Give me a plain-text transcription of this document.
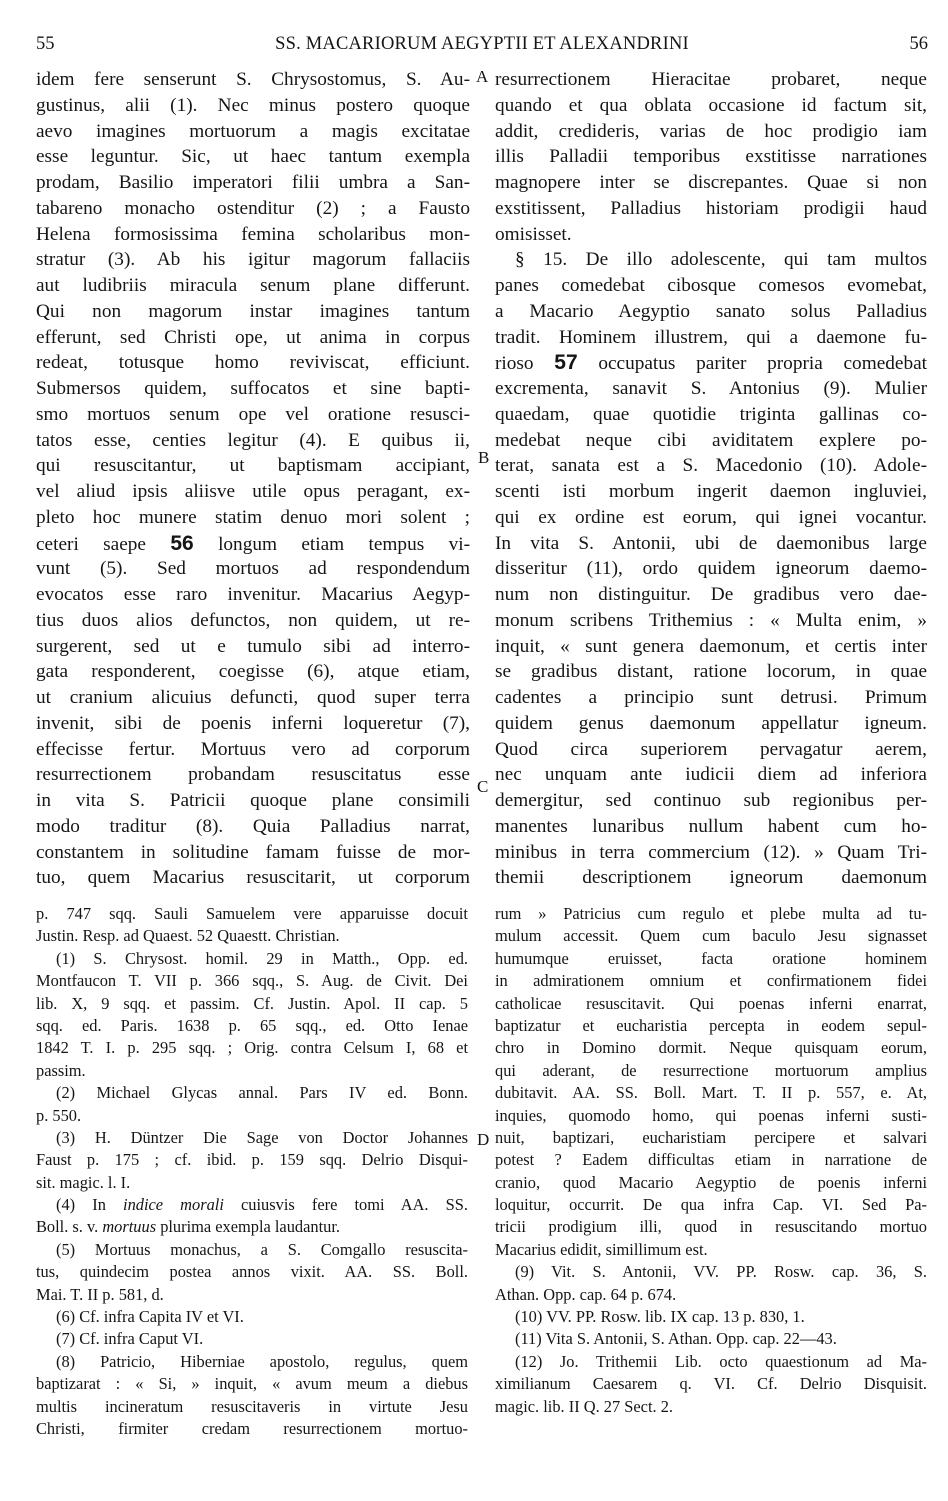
55	SS. MACARIORUM AEGYPTII ET ALEXANDRINI	56
A
B
C
D
idem fere senserunt S. Chrysostomus, S. Au-
gustinus, alii (1). Nec minus postero quoque
aevo imagines mortuorum a magis excitatae
esse leguntur. Sic, ut haec tantum exempla
prodam, Basilio imperatori filii umbra a San-
tabareno monacho ostenditur (2) ; a Fausto
Helena formosissima femina scholaribus mon-
stratur (3). Ab his igitur magorum fallaciis
aut ludibriis miracula senum plane differunt.
Qui non magorum instar imagines tantum
efferunt, sed Christi ope, ut anima in corpus
redeat, totusque homo reviviscat, efficiunt.
Submersos quidem, suffocatos et sine bapti-
smo mortuos senum ope vel oratione resusci-
tatos esse, centies legitur (4). E quibus ii,
qui resuscitantur, ut baptismam accipiant,
vel aliud ipsis aliisve utile opus peragant, ex-
pleto hoc munere statim denuo mori solent ;
ceteri saepe 56 longum etiam tempus vi-
vunt (5). Sed mortuos ad respondendum
evocatos esse raro invenitur. Macarius Aegyp-
tius duos alios defunctos, non quidem, ut re-
surgerent, sed ut e tumulo sibi ad interro-
gata responderent, coegisse (6), atque etiam,
ut cranium alicuius defuncti, quod super terra
invenit, sibi de poenis inferni loqueretur (7),
effecisse fertur. Mortuus vero ad corporum
resurrectionem probandam resuscitatus esse
in vita S. Patricii quoque plane consimili
modo traditur (8). Quia Palladius narrat,
constantem in solitudine famam fuisse de mor-
tuo, quem Macarius resuscitarit, ut corporum
resurrectionem Hieracitae probaret, neque
quando et qua oblata occasione id factum sit,
addit, credideris, varias de hoc prodigio iam
illis Palladii temporibus exstitisse narrationes
magnopere inter se discrepantes. Quae si non
exstitissent, Palladius historiam prodigii haud
omisisset.
§ 15. De illo adolescente, qui tam multos
panes comedebat cibosque comesos evomebat,
a Macario Aegyptio sanato solus Palladius
tradit. Hominem illustrem, qui a daemone fu-
rioso 57 occupatus pariter propria comedebat
excrementa, sanavit S. Antonius (9). Mulier
quaedam, quae quotidie triginta gallinas co-
medebat neque cibi aviditatem explere po-
terat, sanata est a S. Macedonio (10). Adole-
scenti isti morbum ingerit daemon ingluviei,
qui ex ordine est eorum, qui ignei vocantur.
In vita S. Antonii, ubi de daemonibus large
disseritur (11), ordo quidem igneorum daemo-
num non distinguitur. De gradibus vero dae-
monum scribens Trithemius : « Multa enim, »
inquit, « sunt genera daemonum, et certis inter
se gradibus distant, ratione locorum, in quae
cadentes a principio sunt detrusi. Primum
quidem genus daemonum appellatur igneum.
Quod circa superiorem pervagatur aerem,
nec unquam ante iudicii diem ad inferiora
demergitur, sed continuo sub regionibus per-
manentes lunaribus nullum habent cum ho-
minibus in terra commercium (12). » Quam Tri-
themii descriptionem igneorum daemonum
p. 747 sqq. Sauli Samuelem vere apparuisse docuit
Justin. Resp. ad Quaest. 52 Quaestt. Christian.
(1) S. Chrysost. homil. 29 in Matth., Opp. ed.
Montfaucon T. VII p. 366 sqq., S. Aug. de Civit. Dei
lib. X, 9 sqq. et passim. Cf. Justin. Apol. II cap. 5
sqq. ed. Paris. 1638 p. 65 sqq., ed. Otto Ienae
1842 T. I. p. 295 sqq. ; Orig. contra Celsum I, 68 et
passim.
(2) Michael Glycas annal. Pars IV ed. Bonn.
p. 550.
(3) H. Düntzer Die Sage von Doctor Johannes
Faust p. 175 ; cf. ibid. p. 159 sqq. Delrio Disqui-
sit. magic. l. I.
(4) In indice morali cuiusvis fere tomi AA. SS.
Boll. s. v. mortuus plurima exempla laudantur.
(5) Mortuus monachus, a S. Comgallo resuscita-
tus, quindecim postea annos vixit. AA. SS. Boll.
Mai. T. II p. 581, d.
(6) Cf. infra Capita IV et VI.
(7) Cf. infra Caput VI.
(8) Patricio, Hiberniae apostolo, regulus, quem
baptizarat : « Si, » inquit, « avum meum a diebus
multis incineratum resuscitaveris in virtute Jesu
Christi, firmiter credam resurrectionem mortuo-
rum » Patricius cum regulo et plebe multa ad tu-
mulum accessit. Quem cum baculo Jesu signasset
humumque eruisset, facta oratione hominem
in admirationem omnium et confirmationem fidei
catholicae resuscitavit. Qui poenas inferni enarrat,
baptizatur et eucharistia percepta in eodem sepul-
chro in Domino dormit. Neque quisquam eorum,
qui aderant, de resurrectione mortuorum amplius
dubitavit. AA. SS. Boll. Mart. T. II p. 557, e. At,
inquies, quomodo homo, qui poenas inferni susti-
nuit, baptizari, eucharistiam percipere et salvari
potest ? Eadem difficultas etiam in narratione de
cranio, quod Macario Aegyptio de poenis inferni
loquitur, occurrit. De qua infra Cap. VI. Sed Pa-
tricii prodigium illi, quod in resuscitando mortuo
Macarius edidit, simillimum est.
(9) Vit. S. Antonii, VV. PP. Rosw. cap. 36, S.
Athan. Opp. cap. 64 p. 674.
(10) VV. PP. Rosw. lib. IX cap. 13 p. 830, 1.
(11) Vita S. Antonii, S. Athan. Opp. cap. 22—43.
(12) Jo. Trithemii Lib. octo quaestionum ad Ma-
ximilianum Caesarem q. VI. Cf. Delrio Disquisit.
magic. lib. II Q. 27 Sect. 2.
